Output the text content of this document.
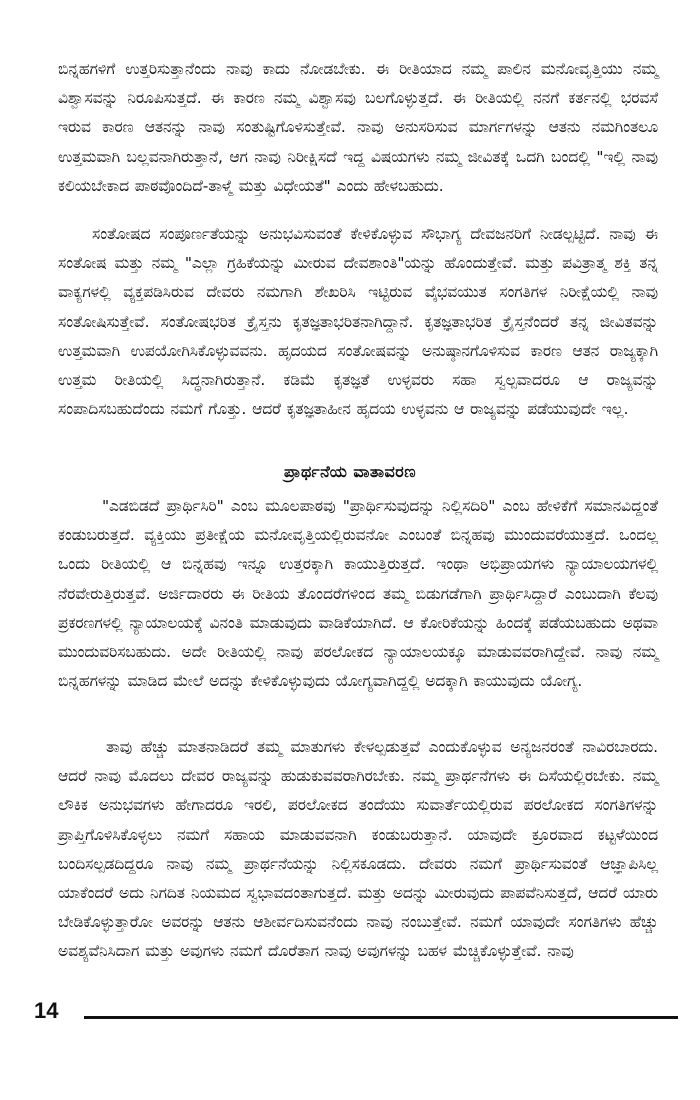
ಬಿನ್ನಹಗಳಿಗೆ ಉತ್ತರಿಸುತ್ತಾನೆಂದು ನಾವು ಕಾದು ನೋಡಬೇಕು. ಈ ರೀತಿಯಾದ ನಮ್ಮ ಪಾಲಿನ ಮನೋವೃತ್ತಿಯು ನಮ್ಮ ವಿಶ್ವಾಸವನ್ನು ನಿರೂಪಿಸುತ್ತದೆ. ಈ ಕಾರಣ ನಮ್ಮ ವಿಶ್ವಾಸವು ಬಲಗೊಳ್ಳುತ್ತದೆ. ಈ ರೀತಿಯಲ್ಲಿ ನನಗೆ ಕರ್ತನಲ್ಲಿ ಭರವಸೆ ಇರುವ ಕಾರಣ ಆತನನ್ನು ನಾವು ಸಂತುಷ್ಟಿಗೊಳಿಸುತ್ತೇವೆ. ನಾವು ಅನುಸರಿಸುವ ಮಾರ್ಗಗಳನ್ನು ಆತನು ನಮಗಿಂತಲೂ ಉತ್ತಮವಾಗಿ ಬಲ್ಲವನಾಗಿರುತ್ತಾನೆ, ಆಗ ನಾವು ನಿರೀಕ್ಷಿಸದೆ ಇದ್ದ ವಿಷಯಗಳು ನಮ್ಮ ಜೀವಿತಕ್ಕೆ ಒದಗಿ ಬಂದಲ್ಲಿ "ಇಲ್ಲಿ ನಾವು ಕಲಿಯಬೇಕಾದ ಪಾಠವೊಂದಿದೆ-ತಾಳ್ಮೆ ಮತ್ತು ವಿಧೇಯತೆ" ಎಂದು ಹೇಳಬಹುದು.

ಸಂತೋಷದ ಸಂಪೂರ್ಣತೆಯನ್ನು ಅನುಭವಿಸುವಂತೆ ಕೇಳಿಕೊಳ್ಳುವ ಸೌಭಾಗ್ಯ ದೇವಜನರಿಗೆ ನೀಡಲ್ಪಟ್ಟಿದೆ. ನಾವು ಈ ಸಂತೋಷ ಮತ್ತು ನಮ್ಮ "ಎಲ್ಲಾ ಗ್ರಹಿಕೆಯನ್ನು ಮೀರುವ ದೇವಶಾಂತಿ"ಯನ್ನು ಹೊಂದುತ್ತೇವೆ. ಮತ್ತು ಪವಿತ್ರಾತ್ಮ ಶಕ್ತಿ ತನ್ನ ವಾಕ್ಯಗಳಲ್ಲಿ ವ್ಯಕ್ತಪಡಿಸಿರುವ ದೇವರು ನಮಗಾಗಿ ಶೇಖರಿಸಿ ಇಟ್ಟಿರುವ ವೈಭವಯುತ ಸಂಗತಿಗಳ ನಿರೀಕ್ಷೆಯಲ್ಲಿ ನಾವು ಸಂತೋಷಿಸುತ್ತೇವೆ. ಸಂತೋಷಭರಿತ ಕ್ರೈಸ್ತನು ಕೃತಜ್ಞತಾಭರಿತನಾಗಿದ್ದಾನೆ. ಕೃತಜ್ಞತಾಭರಿತ ಕ್ರೈಸ್ತನೆಂದರೆ ತನ್ನ ಜೀವಿತವನ್ನು ಉತ್ತಮವಾಗಿ ಉಪಯೋಗಿಸಿಕೊಳ್ಳುವವನು. ಹೃದಯದ ಸಂತೋಷವನ್ನು ಅನುಷ್ಠಾನಗೊಳಿಸುವ ಕಾರಣ ಆತನ ರಾಜ್ಯಕ್ಕಾಗಿ ಉತ್ತಮ ರೀತಿಯಲ್ಲಿ ಸಿದ್ಧನಾಗಿರುತ್ತಾನೆ. ಕಡಿಮೆ ಕೃತಜ್ಞತೆ ಉಳ್ಳವರು ಸಹಾ ಸ್ವಲ್ಪವಾದರೂ ಆ ರಾಜ್ಯವನ್ನು ಸಂಪಾದಿಸಬಹುದೆಂದು ನಮಗೆ ಗೊತ್ತು. ಆದರೆ ಕೃತಜ್ಞತಾಹೀನ ಹೃದಯ ಉಳ್ಳವನು ಆ ರಾಜ್ಯವನ್ನು ಪಡೆಯುವುದೇ ಇಲ್ಲ.

ಪ್ರಾರ್ಥನೆಯ ವಾತಾವರಣ

"ಎಡಬಿಡದೆ ಪ್ರಾರ್ಥಿಸಿರಿ" ಎಂಬ ಮೂಲಪಾಠವು "ಪ್ರಾರ್ಥಿಸುವುದನ್ನು ನಿಲ್ಲಿಸದಿರಿ" ಎಂಬ ಹೇಳಿಕೆಗೆ ಸಮಾನವಿದ್ದಂತೆ ಕಂಡುಬರುತ್ತದೆ. ವ್ಯಕ್ತಿಯು ಪ್ರತೀಕ್ಷೆಯ ಮನೋವೃತ್ತಿಯಲ್ಲಿರುವನೋ ಎಂಬಂತೆ ಬಿನ್ನಹವು ಮುಂದುವರೆಯುತ್ತದೆ. ಒಂದಲ್ಲ ಒಂದು ರೀತಿಯಲ್ಲಿ ಆ ಬಿನ್ನಹವು ಇನ್ನೂ ಉತ್ತರಕ್ಕಾಗಿ ಕಾಯುತ್ತಿರುತ್ತದೆ. ಇಂಥಾ ಅಭಿಪ್ರಾಯಗಳು ನ್ಯಾಯಾಲಯಗಳಲ್ಲಿ ನೆರವೇರುತ್ತಿರುತ್ತವೆ. ಅರ್ಜಿದಾರರು ಈ ರೀತಿಯ ತೊಂದರೆಗಳಿಂದ ತಮ್ಮ ಬಿಡುಗಡೆಗಾಗಿ ಪ್ರಾರ್ಥಿಸಿದ್ದಾರೆ ಎಂಬುದಾಗಿ ಕೆಲವು ಪ್ರಕರಣಗಳಲ್ಲಿ ನ್ಯಾಯಾಲಯಕ್ಕೆ ವಿನಂತಿ ಮಾಡುವುದು ವಾಡಿಕೆಯಾಗಿದೆ. ಆ ಕೋರಿಕೆಯನ್ನು ಹಿಂದಕ್ಕೆ ಪಡೆಯಬಹುದು ಅಥವಾ ಮುಂದುವರಿಸಬಹುದು. ಅದೇ ರೀತಿಯಲ್ಲಿ ನಾವು ಪರಲೋಕದ ನ್ಯಾಯಾಲಯಕ್ಕೂ ಮಾಡುವವರಾಗಿದ್ದೇವೆ. ನಾವು ನಮ್ಮ ಬಿನ್ನಹಗಳನ್ನು ಮಾಡಿದ ಮೇಲೆ ಅದನ್ನು ಕೇಳಿಕೊಳ್ಳುವುದು ಯೋಗ್ಯವಾಗಿದ್ದಲ್ಲಿ ಅದಕ್ಕಾಗಿ ಕಾಯುವುದು ಯೋಗ್ಯ.

ತಾವು ಹೆಚ್ಚು ಮಾತನಾಡಿದರೆ ತಮ್ಮ ಮಾತುಗಳು ಕೇಳಲ್ಪಡುತ್ತವೆ ಎಂದುಕೊಳ್ಳುವ ಅನ್ಯಜನರಂತೆ ನಾವಿರಬಾರದು. ಆದರೆ ನಾವು ಮೊದಲು ದೇವರ ರಾಜ್ಯವನ್ನು ಹುಡುಕುವವರಾಗಿರಬೇಕು. ನಮ್ಮ ಪ್ರಾರ್ಥನೆಗಳು ಈ ದಿಸೆಯಲ್ಲಿರಬೇಕು. ನಮ್ಮ ಲೌಕಿಕ ಅನುಭವಗಳು ಹೇಗಾದರೂ ಇರಲಿ, ಪರಲೋಕದ ತಂದೆಯು ಸುವಾರ್ತೆಯಲ್ಲಿರುವ ಪರಲೋಕದ ಸಂಗತಿಗಳನ್ನು ಪ್ರಾಪ್ತಿಗೊಳಿಸಿಕೊಳ್ಳಲು ನಮಗೆ ಸಹಾಯ ಮಾಡುವವನಾಗಿ ಕಂಡುಬರುತ್ತಾನೆ. ಯಾವುದೇ ಕ್ರೂರವಾದ ಕಟ್ಟಳೆಯಿಂದ ಬಂದಿಸಲ್ಪಡದಿದ್ದರೂ ನಾವು ನಮ್ಮ ಪ್ರಾರ್ಥನೆಯನ್ನು ನಿಲ್ಲಿಸಕೂಡದು. ದೇವರು ನಮಗೆ ಪ್ರಾರ್ಥಿಸುವಂತೆ ಆಜ್ಞಾಪಿಸಿಲ್ಲ ಯಾಕೆಂದರೆ ಅದು ನಿಗದಿತ ನಿಯಮದ ಸ್ವಭಾವದಂತಾಗುತ್ತದೆ. ಮತ್ತು ಅದನ್ನು ಮೀರುವುದು ಪಾಪವೆನಿಸುತ್ತದೆ, ಆದರೆ ಯಾರು ಬೇಡಿಕೊಳ್ಳುತ್ತಾರೋ ಅವರನ್ನು ಆತನು ಆಶೀರ್ವದಿಸುವನೆಂದು ನಾವು ನಂಬುತ್ತೇವೆ. ನಮಗೆ ಯಾವುದೇ ಸಂಗತಿಗಳು ಹೆಚ್ಚು ಅವಶ್ಯವೆನಿಸಿದಾಗ ಮತ್ತು ಅವುಗಳು ನಮಗೆ ದೊರೆತಾಗ ನಾವು ಅವುಗಳನ್ನು ಬಹಳ ಮೆಚ್ಚಿಕೊಳ್ಳುತ್ತೇವೆ. ನಾವು

14
